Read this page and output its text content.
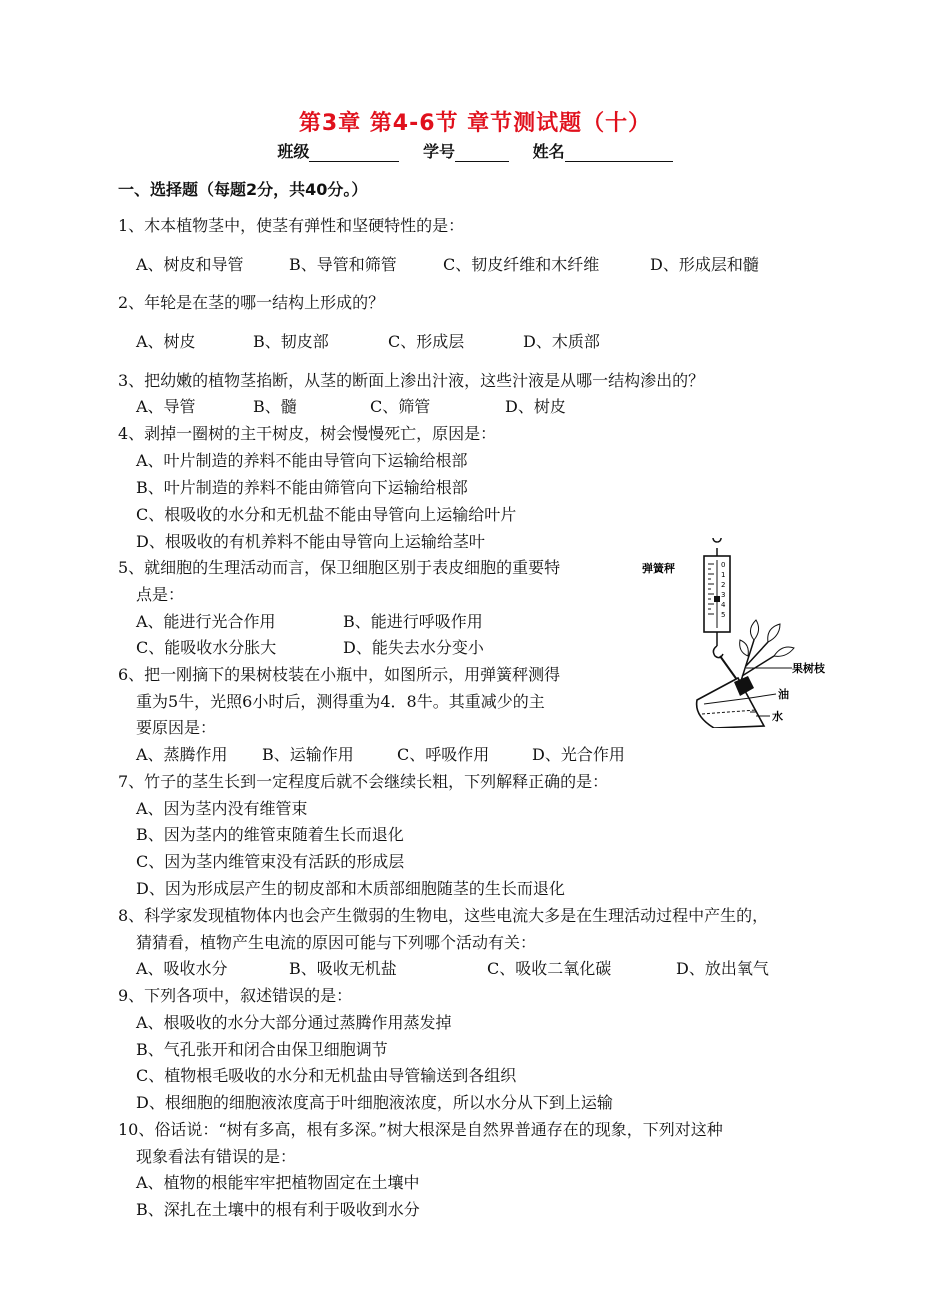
第3章 第4-6节 章节测试题（十）
班级	学号	姓名
一、选择题（每题2分，共40分。）
1、木本植物茎中，使茎有弹性和坚硬特性的是：
A、树皮和导管	B、导管和筛管	C、韧皮纤维和木纤维	D、形成层和髓
2、年轮是在茎的哪一结构上形成的？
A、树皮	B、韧皮部	C、形成层	D、木质部
3、把幼嫩的植物茎掐断，从茎的断面上渗出汁液，这些汁液是从哪一结构渗出的？
A、导管	B、髓	C、筛管	D、树皮
4、剥掉一圈树的主干树皮，树会慢慢死亡，原因是：
A、叶片制造的养料不能由导管向下运输给根部
B、叶片制造的养料不能由筛管向下运输给根部
C、根吸收的水分和无机盐不能由导管向上运输给叶片
D、根吸收的有机养料不能由导管向上运输给茎叶
5、就细胞的生理活动而言，保卫细胞区别于表皮细胞的重要特
点是：
A、能进行光合作用	B、能进行呼吸作用
C、能吸收水分胀大	D、能失去水分变小
6、把一刚摘下的果树枝装在小瓶中，如图所示，用弹簧秤测得
重为5牛，光照6小时后，测得重为4．8牛。其重减少的主
要原因是：
A、蒸腾作用 B、运输作用	C、呼吸作用	D、光合作用
7、竹子的茎生长到一定程度后就不会继续长粗，下列解释正确的是：
A、因为茎内没有维管束
B、因为茎内的维管束随着生长而退化
C、因为茎内维管束没有活跃的形成层
D、因为形成层产生的韧皮部和木质部细胞随茎的生长而退化
8、科学家发现植物体内也会产生微弱的生物电，这些电流大多是在生理活动过程中产生的，
猜猜看，植物产生电流的原因可能与下列哪个活动有关：
A、吸收水分	B、吸收无机盐	C、吸收二氧化碳	D、放出氧气
9、下列各项中，叙述错误的是：
A、根吸收的水分大部分通过蒸腾作用蒸发掉
B、气孔张开和闭合由保卫细胞调节
C、植物根毛吸收的水分和无机盐由导管输送到各组织
D、根细胞的细胞液浓度高于叶细胞液浓度，所以水分从下到上运输
10、俗话说：“树有多高，根有多深。”树大根深是自然界普通存在的现象，下列对这种
现象看法有错误的是：
A、植物的根能牢牢把植物固定在土壤中
B、深扎在土壤中的根有利于吸收到水分
弹簧秤	0
1
2
3
4
5
果树枝
油
水
